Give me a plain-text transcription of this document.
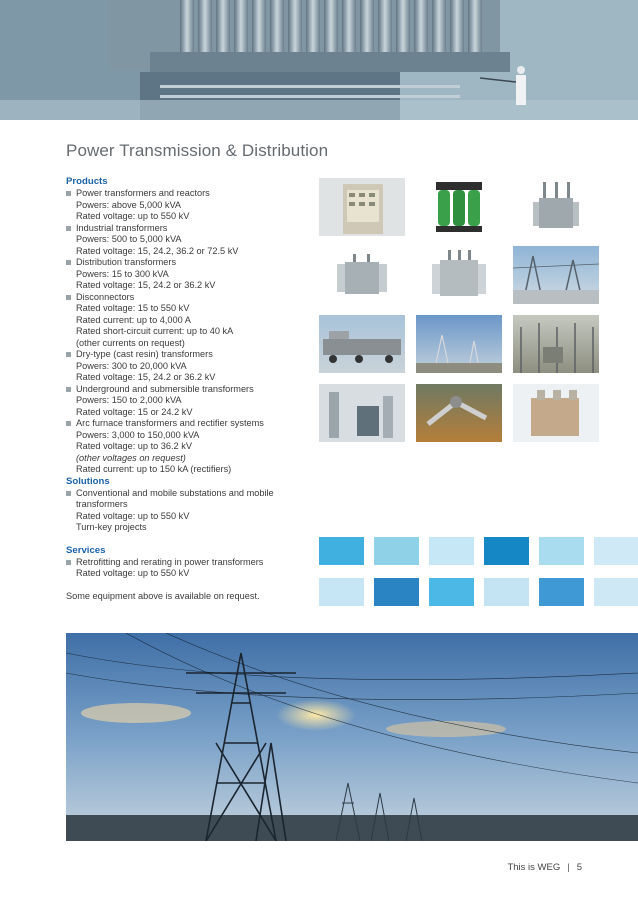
Power Transmission & Distribution
Products
Power transformers and reactors
Powers: above 5,000 kVA
Rated voltage: up to 550 kV
Industrial transformers
Powers: 500 to 5,000 kVA
Rated voltage: 15, 24.2, 36.2 or 72.5 kV
Distribution transformers
Powers: 15 to 300 kVA
Rated voltage: 15, 24.2 or 36.2 kV
Disconnectors
Rated voltage: 15 to 550 kV
Rated current: up to 4,000 A
Rated short-circuit current: up to 40 kA
(other currents on request)
Dry-type (cast resin) transformers
Powers: 300 to 20,000 kVA
Rated voltage: 15, 24.2 or 36.2 kV
Underground and submersible transformers
Powers: 150 to 2,000 kVA
Rated voltage: 15 or 24.2 kV
Arc furnace transformers and rectifier systems
Powers: 3,000 to 150,000 kVA
Rated voltage: up to 36.2 kV
(other voltages on request)
Rated current: up to 150 kA (rectifiers)
Solutions
Conventional and mobile substations and mobile transformers
Rated voltage: up to 550 kV
Turn-key projects
Services
Retrofitting and rerating in power transformers
Rated voltage: up to 550 kV
Some equipment above is available on request.
This is WEG | 5
